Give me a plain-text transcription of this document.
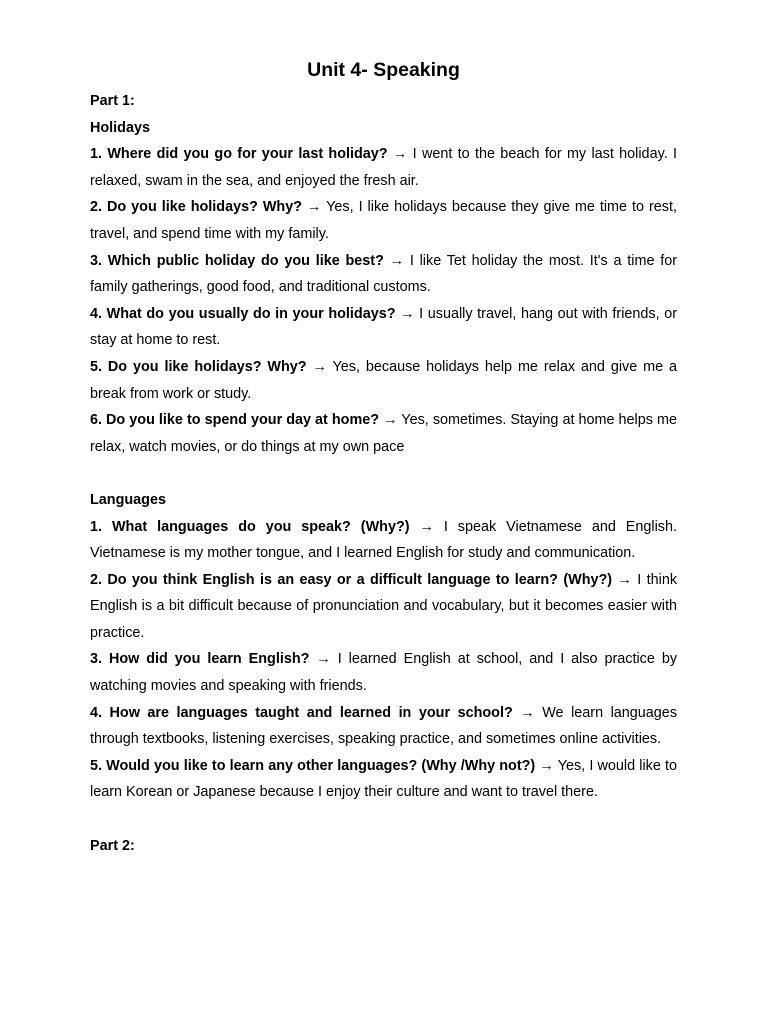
Unit 4- Speaking

Part 1:

Holidays

1. Where did you go for your last holiday? → I went to the beach for my last holiday. I relaxed, swam in the sea, and enjoyed the fresh air.

2. Do you like holidays? Why? → Yes, I like holidays because they give me time to rest, travel, and spend time with my family.

3. Which public holiday do you like best? → I like Tet holiday the most. It's a time for family gatherings, good food, and traditional customs.

4. What do you usually do in your holidays? → I usually travel, hang out with friends, or stay at home to rest.

5. Do you like holidays? Why? → Yes, because holidays help me relax and give me a break from work or study.

6. Do you like to spend your day at home? → Yes, sometimes. Staying at home helps me relax, watch movies, or do things at my own pace

Languages

1. What languages do you speak? (Why?) → I speak Vietnamese and English. Vietnamese is my mother tongue, and I learned English for study and communication.

2. Do you think English is an easy or a difficult language to learn? (Why?) → I think English is a bit difficult because of pronunciation and vocabulary, but it becomes easier with practice.

3. How did you learn English? → I learned English at school, and I also practice by watching movies and speaking with friends.

4. How are languages taught and learned in your school? → We learn languages through textbooks, listening exercises, speaking practice, and sometimes online activities.

5. Would you like to learn any other languages? (Why /Why not?) → Yes, I would like to learn Korean or Japanese because I enjoy their culture and want to travel there.

Part 2:
